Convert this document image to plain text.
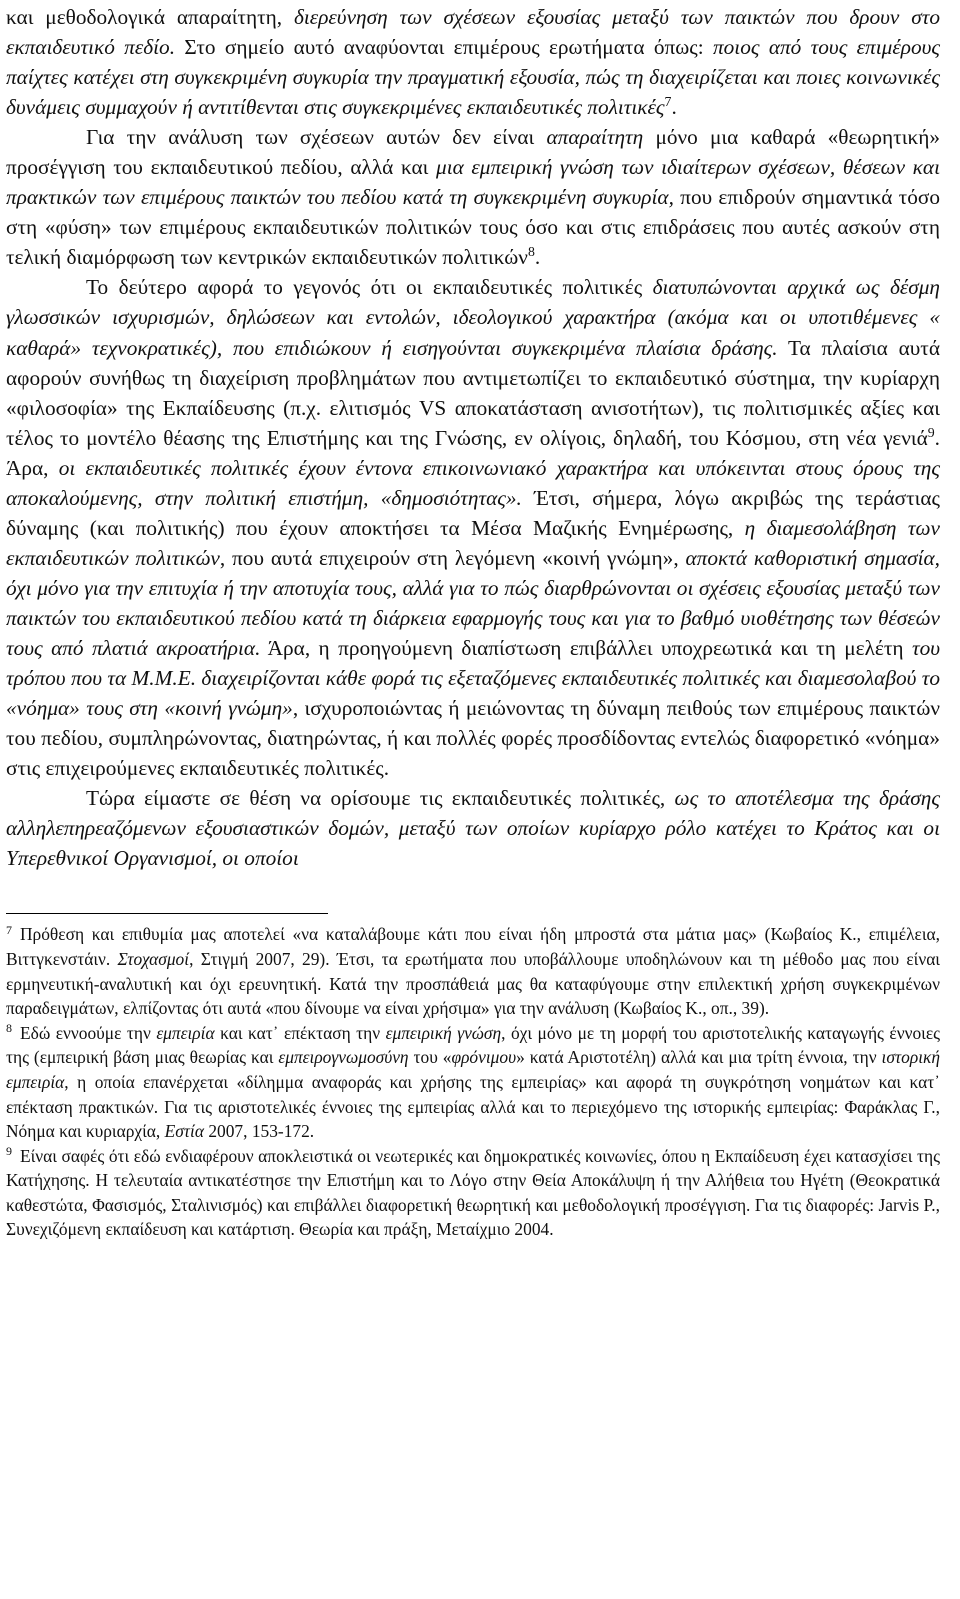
και μεθοδολογικά απαραίτητη, διερεύνηση των σχέσεων εξουσίας μεταξύ των παικτών που δρουν στο εκπαιδευτικό πεδίο. Στο σημείο αυτό αναφύονται επιμέρους ερωτήματα όπως: ποιος από τους επιμέρους παίχτες κατέχει στη συγκεκριμένη συγκυρία την πραγματική εξουσία, πώς τη διαχειρίζεται και ποιες κοινωνικές δυνάμεις συμμαχούν ή αντιτίθενται στις συγκεκριμένες εκπαιδευτικές πολιτικές$^7$.

Για την ανάλυση των σχέσεων αυτών δεν είναι απαραίτητη μόνο μια καθαρά «θεωρητική» προσέγγιση του εκπαιδευτικού πεδίου, αλλά και μια εμπειρική γνώση των ιδιαίτερων σχέσεων, θέσεων και πρακτικών των επιμέρους παικτών του πεδίου κατά τη συγκεκριμένη συγκυρία, που επιδρούν σημαντικά τόσο στη «φύση» των επιμέρους εκπαιδευτικών πολιτικών τους όσο και στις επιδράσεις που αυτές ασκούν στη τελική διαμόρφωση των κεντρικών εκπαιδευτικών πολιτικών$^8$.

Το δεύτερο αφορά το γεγονός ότι οι εκπαιδευτικές πολιτικές διατυπώνονται αρχικά ως δέσμη γλωσσικών ισχυρισμών, δηλώσεων και εντολών, ιδεολογικού χαρακτήρα (ακόμα και οι υποτιθέμενες « καθαρά» τεχνοκρατικές), που επιδιώκουν ή εισηγούνται συγκεκριμένα πλαίσια δράσης. Τα πλαίσια αυτά αφορούν συνήθως τη διαχείριση προβλημάτων που αντιμετωπίζει το εκπαιδευτικό σύστημα, την κυρίαρχη «φιλοσοφία» της Εκπαίδευσης (π.χ. ελιτισμός VS αποκατάσταση ανισοτήτων), τις πολιτισμικές αξίες και τέλος το μοντέλο θέασης της Επιστήμης και της Γνώσης, εν ολίγοις, δηλαδή, του Κόσμου, στη νέα γενιά$^9$. Άρα, οι εκπαιδευτικές πολιτικές έχουν έντονα επικοινωνιακό χαρακτήρα και υπόκεινται στους όρους της αποκαλούμενης, στην πολιτική επιστήμη, «δημοσιότητας». Έτσι, σήμερα, λόγω ακριβώς της τεράστιας δύναμης (και πολιτικής) που έχουν αποκτήσει τα Μέσα Μαζικής Ενημέρωσης, η διαμεσολάβηση των εκπαιδευτικών πολιτικών, που αυτά επιχειρούν στη λεγόμενη «κοινή γνώμη», αποκτά καθοριστική σημασία, όχι μόνο για την επιτυχία ή την αποτυχία τους, αλλά για το πώς διαρθρώνονται οι σχέσεις εξουσίας μεταξύ των παικτών του εκπαιδευτικού πεδίου κατά τη διάρκεια εφαρμογής τους και για το βαθμό υιοθέτησης των θέσεών τους από πλατιά ακροατήρια. Άρα, η προηγούμενη διαπίστωση επιβάλλει υποχρεωτικά και τη μελέτη του τρόπου που τα Μ.Μ.Ε. διαχειρίζονται κάθε φορά τις εξεταζόμενες εκπαιδευτικές πολιτικές και διαμεσολαβού το «νόημα» τους στη «κοινή γνώμη», ισχυροποιώντας ή μειώνοντας τη δύναμη πειθούς των επιμέρους παικτών του πεδίου, συμπληρώνοντας, διατηρώντας, ή και πολλές φορές προσδίδοντας εντελώς διαφορετικό «νόημα» στις επιχειρούμενες εκπαιδευτικές πολιτικές.

Τώρα είμαστε σε θέση να ορίσουμε τις εκπαιδευτικές πολιτικές, ως το αποτέλεσμα της δράσης αλληλεπηρεαζόμενων εξουσιαστικών δομών, μεταξύ των οποίων κυρίαρχο ρόλο κατέχει το Κράτος και οι Υπερεθνικοί Οργανισμοί, οι οποίοι

$^7$ Πρόθεση και επιθυμία μας αποτελεί «να καταλάβουμε κάτι που είναι ήδη μπροστά στα μάτια μας» (Κωβαίος Κ., επιμέλεια, Βιττγκενστάιν. Στοχασμοί, Στιγμή 2007, 29). Έτσι, τα ερωτήματα που υποβάλλουμε υποδηλώνουν και τη μέθοδο μας που είναι ερμηνευτική-αναλυτική και όχι ερευνητική. Κατά την προσπάθειά μας θα καταφύγουμε στην επιλεκτική χρήση συγκεκριμένων παραδειγμάτων, ελπίζοντας ότι αυτά «που δίνουμε να είναι χρήσιμα» για την ανάλυση (Κωβαίος Κ., οπ., 39).

$^8$ Εδώ εννοούμε την εμπειρία και κατ᾽ επέκταση την εμπειρική γνώση, όχι μόνο με τη μορφή του αριστοτελικής καταγωγής έννοιες της (εμπειρική βάση μιας θεωρίας και εμπειρογνωμοσύνη του «φρόνιμου» κατά Αριστοτέλη) αλλά και μια τρίτη έννοια, την ιστορική εμπειρία, η οποία επανέρχεται «δίλημμα αναφοράς και χρήσης της εμπειρίας» και αφορά τη συγκρότηση νοημάτων και κατ᾽ επέκταση πρακτικών. Για τις αριστοτελικές έννοιες της εμπειρίας αλλά και το περιεχόμενο της ιστορικής εμπειρίας: Φαράκλας Γ., Νόημα και κυριαρχία, Εστία 2007, 153-172.

$^9$ Είναι σαφές ότι εδώ ενδιαφέρουν αποκλειστικά οι νεωτερικές και δημοκρατικές κοινωνίες, όπου η Εκπαίδευση έχει κατασχίσει της Κατήχησης. Η τελευταία αντικατέστησε την Επιστήμη και το Λόγο στην Θεία Αποκάλυψη ή την Αλήθεια του Ηγέτη (Θεοκρατικά καθεστώτα, Φασισμός, Σταλινισμός) και επιβάλλει διαφορετική θεωρητική και μεθοδολογική προσέγγιση. Για τις διαφορές: Jarvis P., Συνεχιζόμενη εκπαίδευση και κατάρτιση. Θεωρία και πράξη, Μεταίχμιο 2004.
